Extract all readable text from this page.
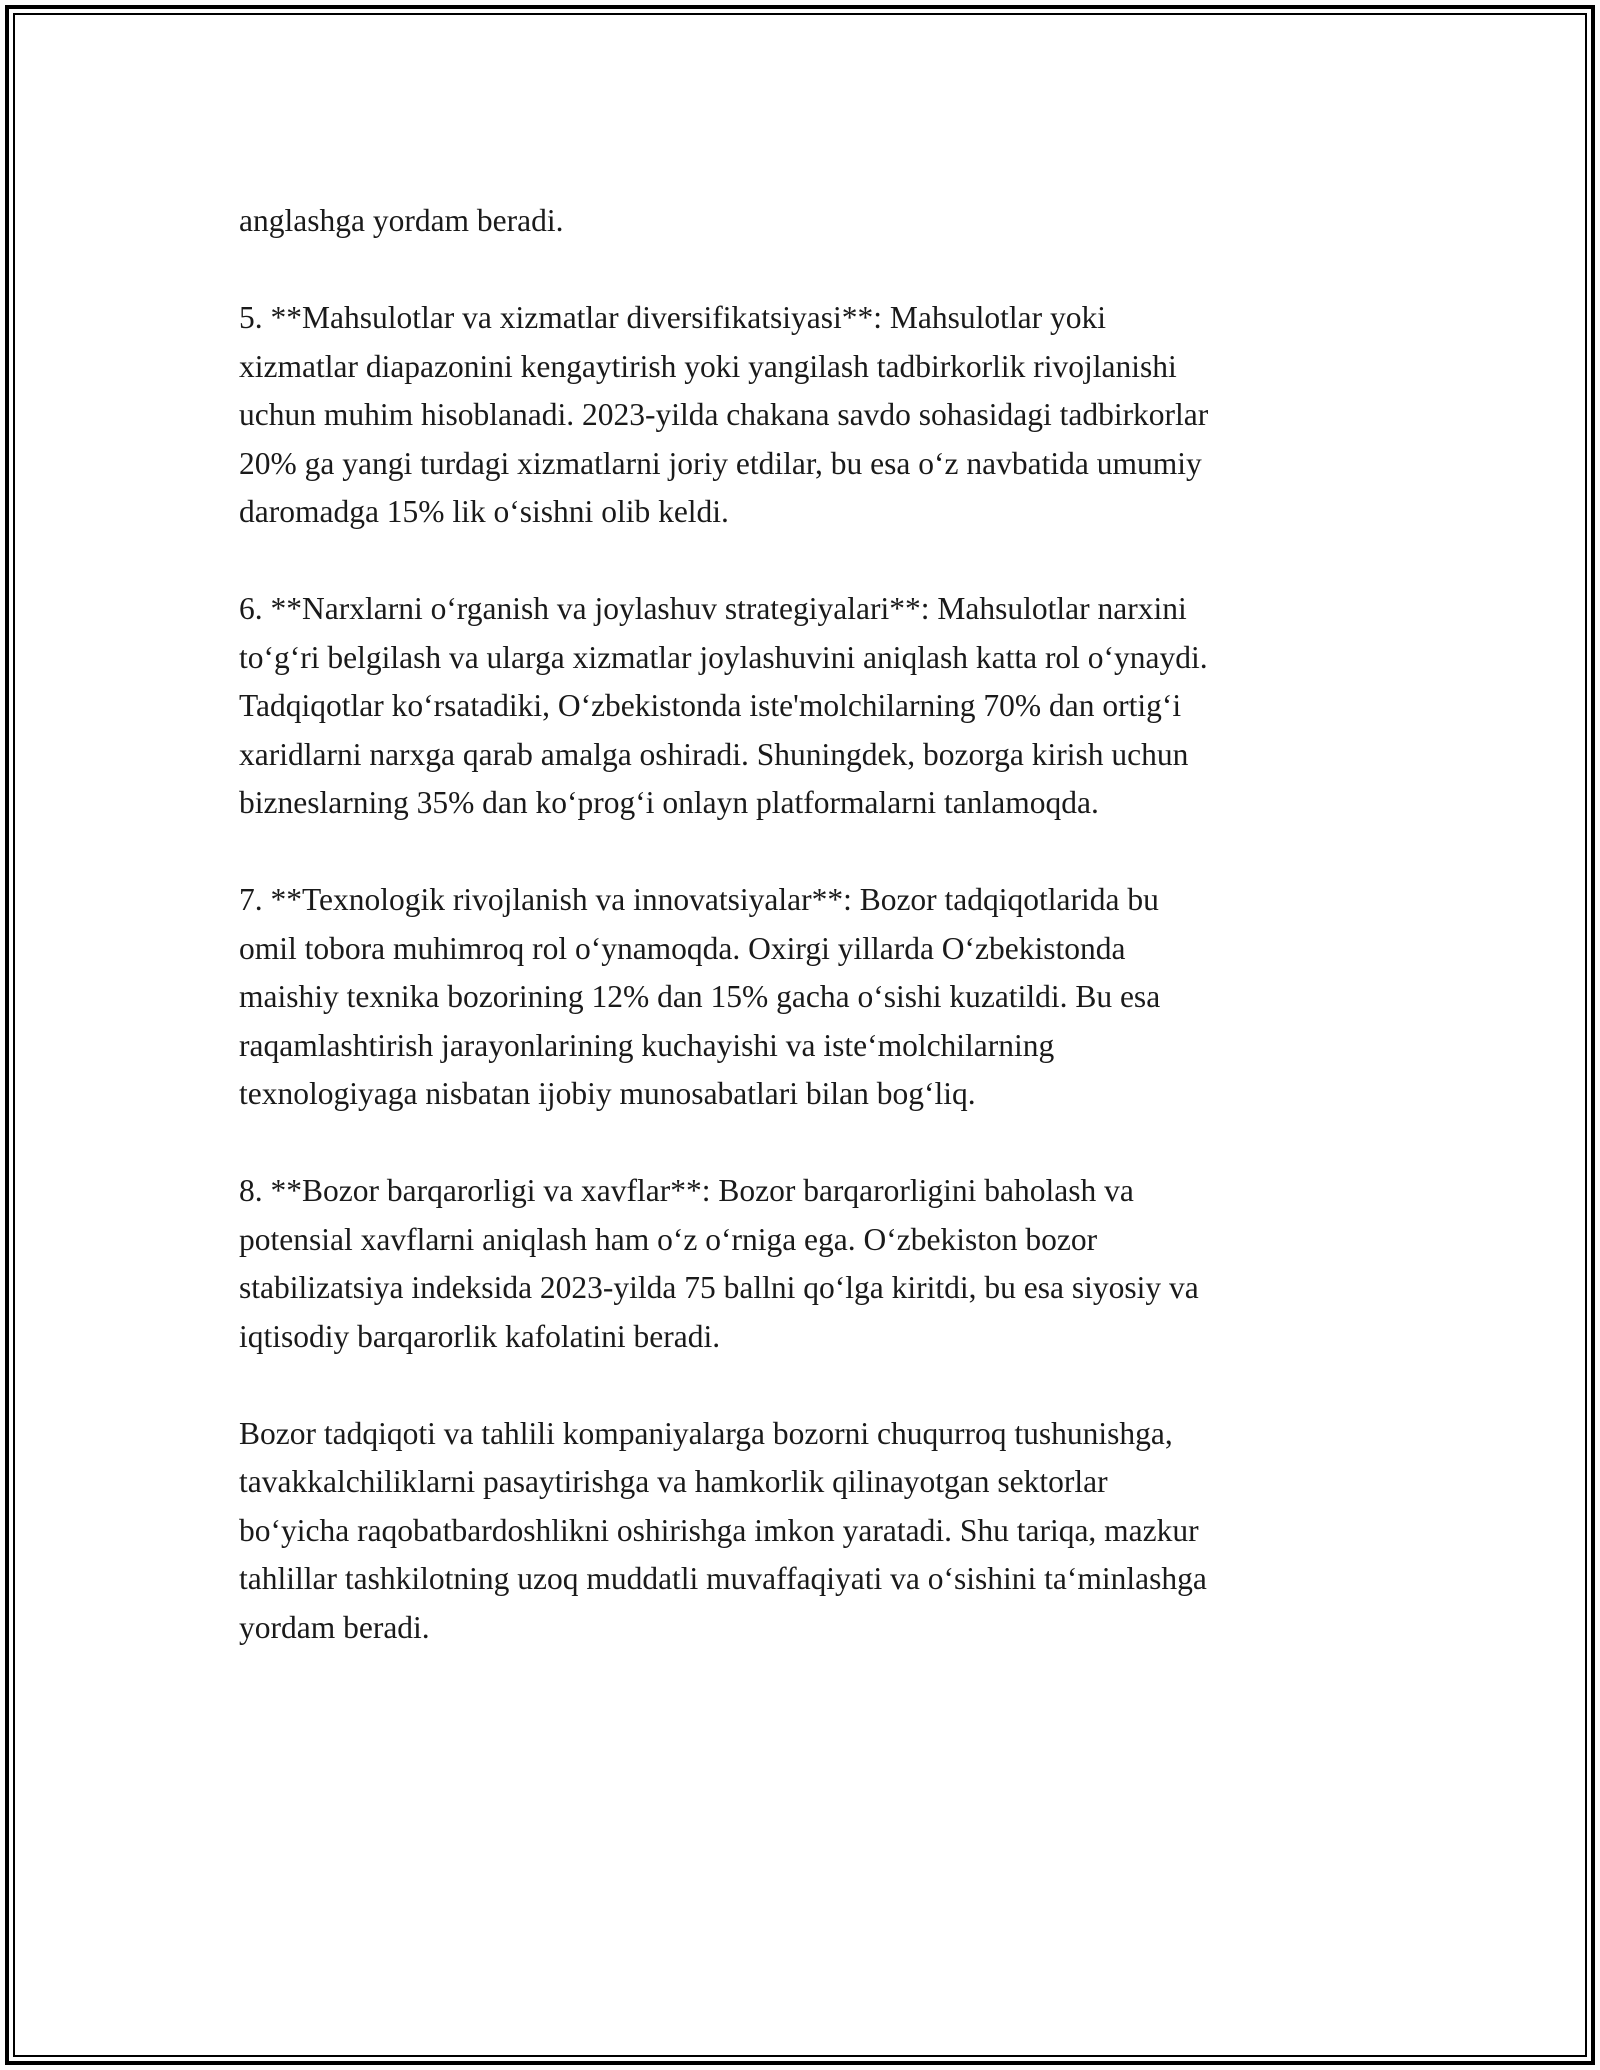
anglashga yordam beradi.

5. **Mahsulotlar va xizmatlar diversifikatsiyasi**: Mahsulotlar yoki
xizmatlar diapazonini kengaytirish yoki yangilash tadbirkorlik rivojlanishi
uchun muhim hisoblanadi. 2023-yilda chakana savdo sohasidagi tadbirkorlar
20% ga yangi turdagi xizmatlarni joriy etdilar, bu esa o‘z navbatida umumiy
daromadga 15% lik o‘sishni olib keldi.

6. **Narxlarni o‘rganish va joylashuv strategiyalari**: Mahsulotlar narxini
to‘g‘ri belgilash va ularga xizmatlar joylashuvini aniqlash katta rol o‘ynaydi.
Tadqiqotlar ko‘rsatadiki, O‘zbekistonda iste'molchilarning 70% dan ortig‘i
xaridlarni narxga qarab amalga oshiradi. Shuningdek, bozorga kirish uchun
bizneslarning 35% dan ko‘prog‘i onlayn platformalarni tanlamoqda.

7. **Texnologik rivojlanish va innovatsiyalar**: Bozor tadqiqotlarida bu
omil tobora muhimroq rol o‘ynamoqda. Oxirgi yillarda O‘zbekistonda
maishiy texnika bozorining 12% dan 15% gacha o‘sishi kuzatildi. Bu esa
raqamlashtirish jarayonlarining kuchayishi va iste‘molchilarning
texnologiyaga nisbatan ijobiy munosabatlari bilan bog‘liq.

8. **Bozor barqarorligi va xavflar**: Bozor barqarorligini baholash va
potensial xavflarni aniqlash ham o‘z o‘rniga ega. O‘zbekiston bozor
stabilizatsiya indeksida 2023-yilda 75 ballni qo‘lga kiritdi, bu esa siyosiy va
iqtisodiy barqarorlik kafolatini beradi.

Bozor tadqiqoti va tahlili kompaniyalarga bozorni chuqurroq tushunishga,
tavakkalchiliklarni pasaytirishga va hamkorlik qilinayotgan sektorlar
bo‘yicha raqobatbardoshlikni oshirishga imkon yaratadi. Shu tariqa, mazkur
tahlillar tashkilotning uzoq muddatli muvaffaqiyati va o‘sishini ta‘minlashga
yordam beradi.
